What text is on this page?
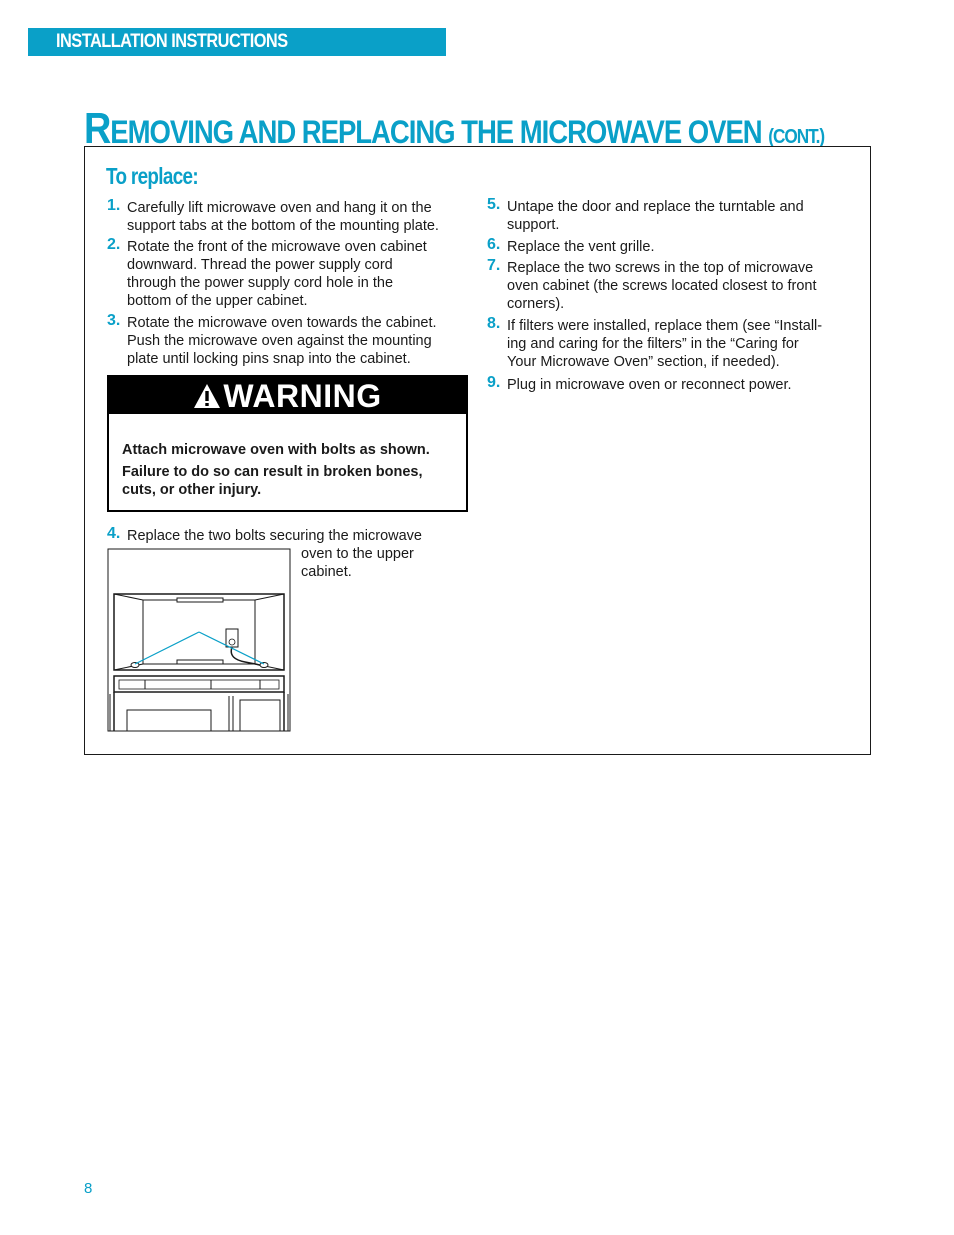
INSTALLATION INSTRUCTIONS
REMOVING AND REPLACING THE MICROWAVE OVEN (CONT.)
To replace:
1. Carefully lift microwave oven and hang it on the
support tabs at the bottom of the mounting plate.
2. Rotate the front of the microwave oven cabinet
downward. Thread the power supply cord
through the power supply cord hole in the
bottom of the upper cabinet.
3. Rotate the microwave oven towards the cabinet.
Push the microwave oven against the mounting
plate until locking pins snap into the cabinet.
WARNING
Attach microwave oven with bolts as shown.
Failure to do so can result in broken bones,
cuts, or other injury.
4. Replace the two bolts securing the microwave
oven to the upper
cabinet.
5. Untape the door and replace the turntable and
support.
6. Replace the vent grille.
7. Replace the two screws in the top of microwave
oven cabinet (the screws located closest to front
corners).
8. If filters were installed, replace them (see “Install-
ing and caring for the filters” in the “Caring for
Your Microwave Oven” section, if needed).
9. Plug in microwave oven or reconnect power.
8
